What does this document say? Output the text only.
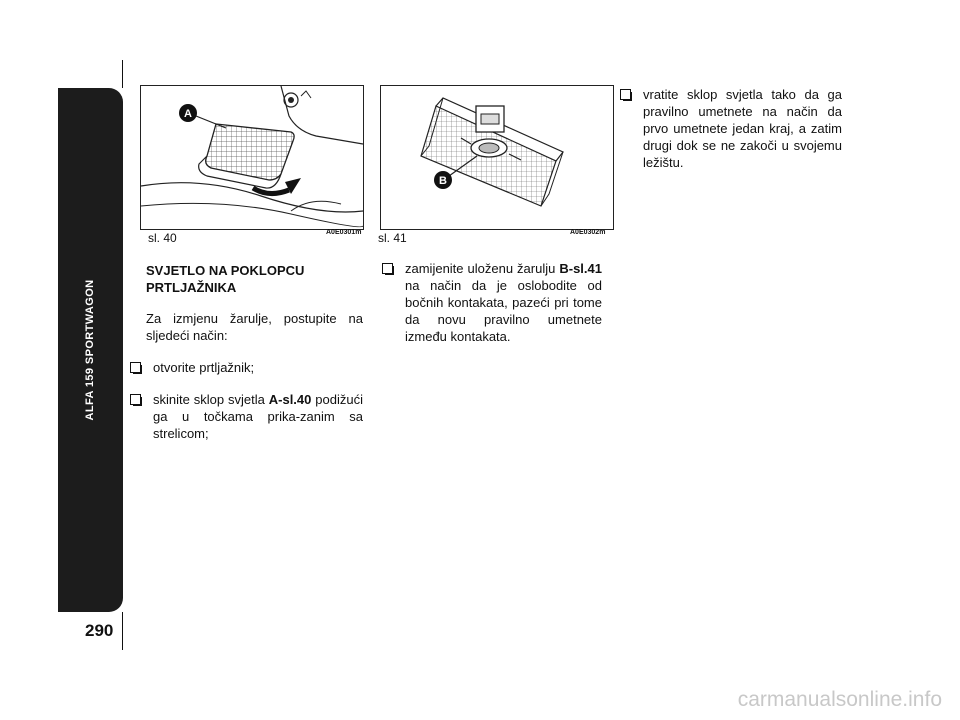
ALFA 159 SPORTWAGON
290
A
sl. 40	A0E0301m
B
sl. 41	A0E0302m
SVJETLO NA POKLOPCU
PRTLJAŽNIKA
Za izmjenu žarulje, postupite na sljedeći način:
otvorite prtljažnik;
skinite sklop svjetla A-sl.40 podižući ga u točkama prika-zanim sa strelicom;
zamijenite uloženu žarulju B-sl.41 na način da je oslobodite od bočnih kontakata, pazeći pri tome da novu pravilno umetnete između kontakata.
vratite sklop svjetla tako da ga pravilno umetnete na način da prvo umetnete jedan kraj, a zatim drugi dok se ne zakoči u svojemu ležištu.
carmanualsonline.info
